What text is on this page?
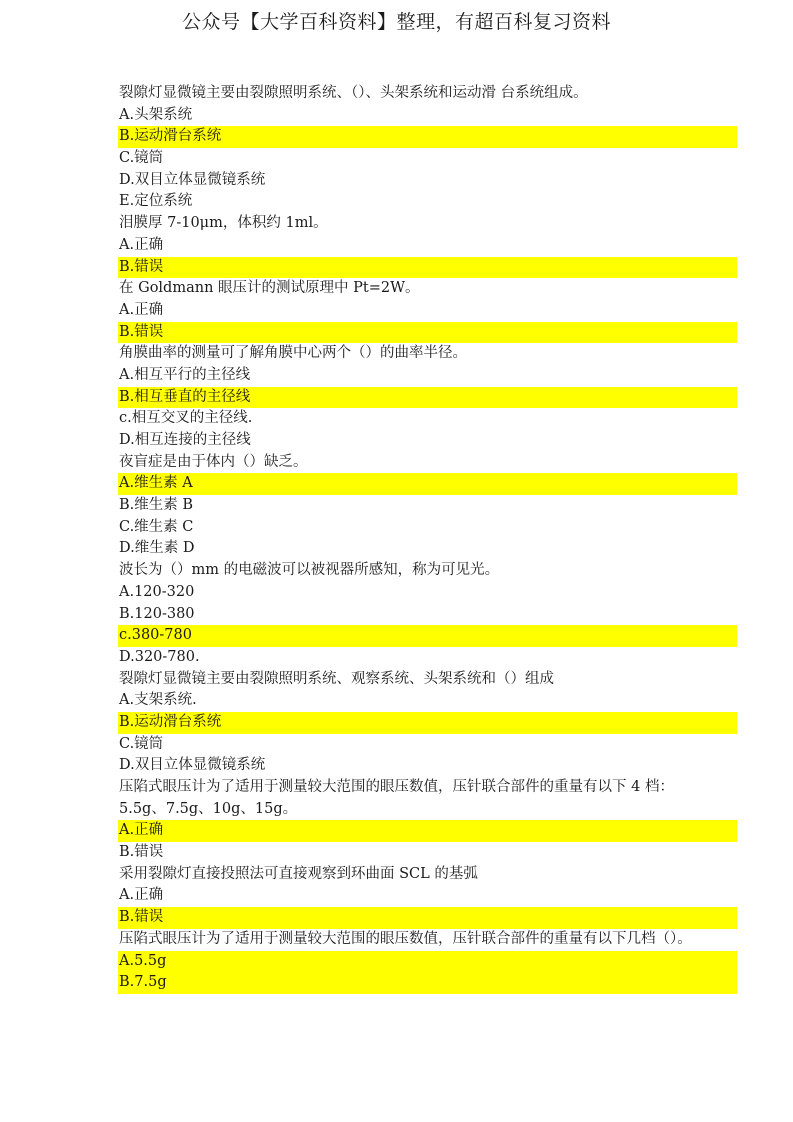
公众号【大学百科资料】整理，有超百科复习资料
裂隙灯显微镜主要由裂隙照明系统、（）、头架系统和运动滑 台系统组成。
A.头架系统
B.运动滑台系统
C.镜筒
D.双目立体显微镜系统
E.定位系统
泪膜厚 7-10μm，体积约 1ml。
A.正确
B.错误
在 Goldmann 眼压计的测试原理中 Pt=2W。
A.正确
B.错误
角膜曲率的测量可了解角膜中心两个（）的曲率半径。
A.相互平行的主径线
B.相互垂直的主径线
c.相互交叉的主径线.
D.相互连接的主径线
夜盲症是由于体内（）缺乏。
A.维生素 A
B.维生素 B
C.维生素 C
D.维生素 D
波长为（）mm 的电磁波可以被视器所感知，称为可见光。
A.120-320
B.120-380
c.380-780
D.320-780.
裂隙灯显微镜主要由裂隙照明系统、观察系统、头架系统和（）组成
A.支架系统.
B.运动滑台系统
C.镜筒
D.双目立体显微镜系统
压陷式眼压计为了适用于测量较大范围的眼压数值，压针联合部件的重量有以下 4 档：
5.5g、7.5g、10g、15g。
A.正确
B.错误
采用裂隙灯直接投照法可直接观察到环曲面 SCL 的基弧
A.正确
B.错误
压陷式眼压计为了适用于测量较大范围的眼压数值，压针联合部件的重量有以下几档（）。
A.5.5g
B.7.5g
